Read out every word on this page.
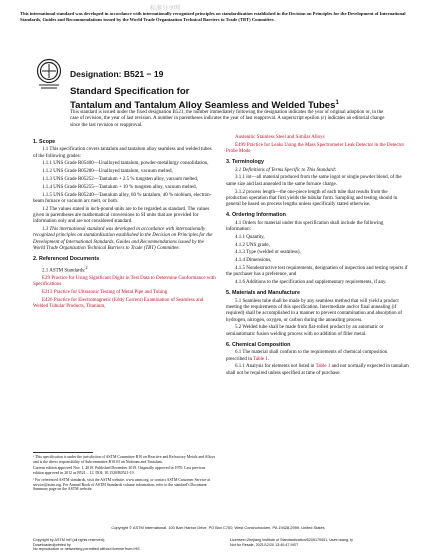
标准分享网
This international standard was developed in accordance with internationally recognized principles on standardization established in the Decision on Principles for the Development of International Standards, Guides and Recommendations issued by the World Trade Organization Technical Barriers to Trade (TBT) Committee.
Designation: B521 − 19
Standard Specification for
Tantalum and Tantalum Alloy Seamless and Welded Tubes$^1$
This standard is issued under the fixed designation B521; the number immediately following the designation indicates the year of original adoption or, in the case of revision, the year of last revision. A number in parentheses indicates the year of last reapproval. A superscript epsilon (ε) indicates an editorial change since the last revision or reapproval.
1. Scope

1.1 This specification covers tantalum and tantalum alloy seamless and welded tubes of the following grades:

1.1.1 UNS Grade R05400—Unalloyed tantalum, powder-metallurgy consolidation,

1.1.2 UNS Grade R05200—Unalloyed tantalum, vacuum melted,

1.1.3 UNS Grade R05252—Tantalum + 2.5 % tungsten alloy, vacuum melted,

1.1.4 UNS Grade R05255—Tantalum + 10 % tungsten alloy, vacuum melted,

1.1.5 UNS Grade R05240—Tantalum alloy, 60 % tantalum, 40 % niobium, electron-beam furnace or vacuum arc melt, or both.

1.2 The values stated in inch-pound units are to be regarded as standard. The values given in parentheses are mathematical conversions to SI units that are provided for information only and are not considered standard.

1.3 This international standard was developed in accordance with internationally recognized principles on standardization established in the Decision on Principles for the Development of International Standards, Guides and Recommendations issued by the World Trade Organization Technical Barriers to Trade (TBT) Committee.

2. Referenced Documents

2.1 ASTM Standards:$^2$

E29 Practice for Using Significant Digits in Test Data to Determine Conformance with Specifications

E213 Practice for Ultrasonic Testing of Metal Pipe and Tubing

E426 Practice for Electromagnetic (Eddy Current) Examination of Seamless and Welded Tubular Products, Titanium,

¹ This specification is under the jurisdiction of ASTM Committee B10 on Reactive and Refractory Metals and Alloys and is the direct responsibility of Subcommittee B10.03 on Niobium and Tantalum.

Current edition approved Nov. 1, 2019. Published December 2019. Originally approved in 1970. Last previous edition approved in 2012 as B521 – 12. DOI: 10.1520/B0521-19.

² For referenced ASTM standards, visit the ASTM website, www.astm.org, or contact ASTM Customer Service at service@astm.org. For Annual Book of ASTM Standards volume information, refer to the standard's Document Summary page on the ASTM website.

Austenitic Stainless Steel and Similar Alloys

E499 Practice for Leaks Using the Mass Spectrometer Leak Detector in the Detector Probe Mode

3. Terminology

3.1 Definitions of Terms Specific to This Standard:

3.1.1 lot—all material produced from the same ingot or single powder blend, of the same size and last annealed in the same furnace charge.

3.1.2 process length—the one-piece length of each tube that results from the production operation that first yields the tubular form. Sampling and testing should in general be based on process lengths unless specifically stated otherwise.

4. Ordering Information

4.1 Orders for material under this specification shall include the following information:

4.1.1 Quantity,

4.1.2 UNS grade,

4.1.3 Type (welded or seamless),

4.1.4 Dimensions,

4.1.5 Nondestructive test requirements, designation of inspection and testing reports if the purchaser has a preference, and

4.1.6 Additions to the specification and supplementary requirements, if any.

5. Materials and Manufacture

5.1 Seamless tube shall be made by any seamless method that will yield a product meeting the requirements of this specification. Intermediate and/or final annealing (if required) shall be accomplished in a manner to prevent contamination and absorption of hydrogen, nitrogen, oxygen, or carbon during the annealing process.

5.2 Welded tube shall be made from flat-rolled product by an automatic or semiautomatic fusion welding process with no addition of filler metal.

6. Chemical Composition

6.1 The material shall conform to the requirements of chemical composition prescribed in Table 1.

6.1.1 Analysis for elements not listed in Table 1 and not normally expected in tantalum shall not be required unless specified at time of purchase.

Copyright © ASTM International, 100 Barr Harbor Drive, PO Box C700, West Conshohocken, PA 19428-2959. United States
Copyright by ASTM Int'l (all rights reserved);
Downloaded/printed by
No reproduction or networking permitted without license from IHS
Licensee=Zhejiang Institute of Standardization/5209170001, User=wang, ty
Not for Resale, 2021/12/20 13:40:47 MST
